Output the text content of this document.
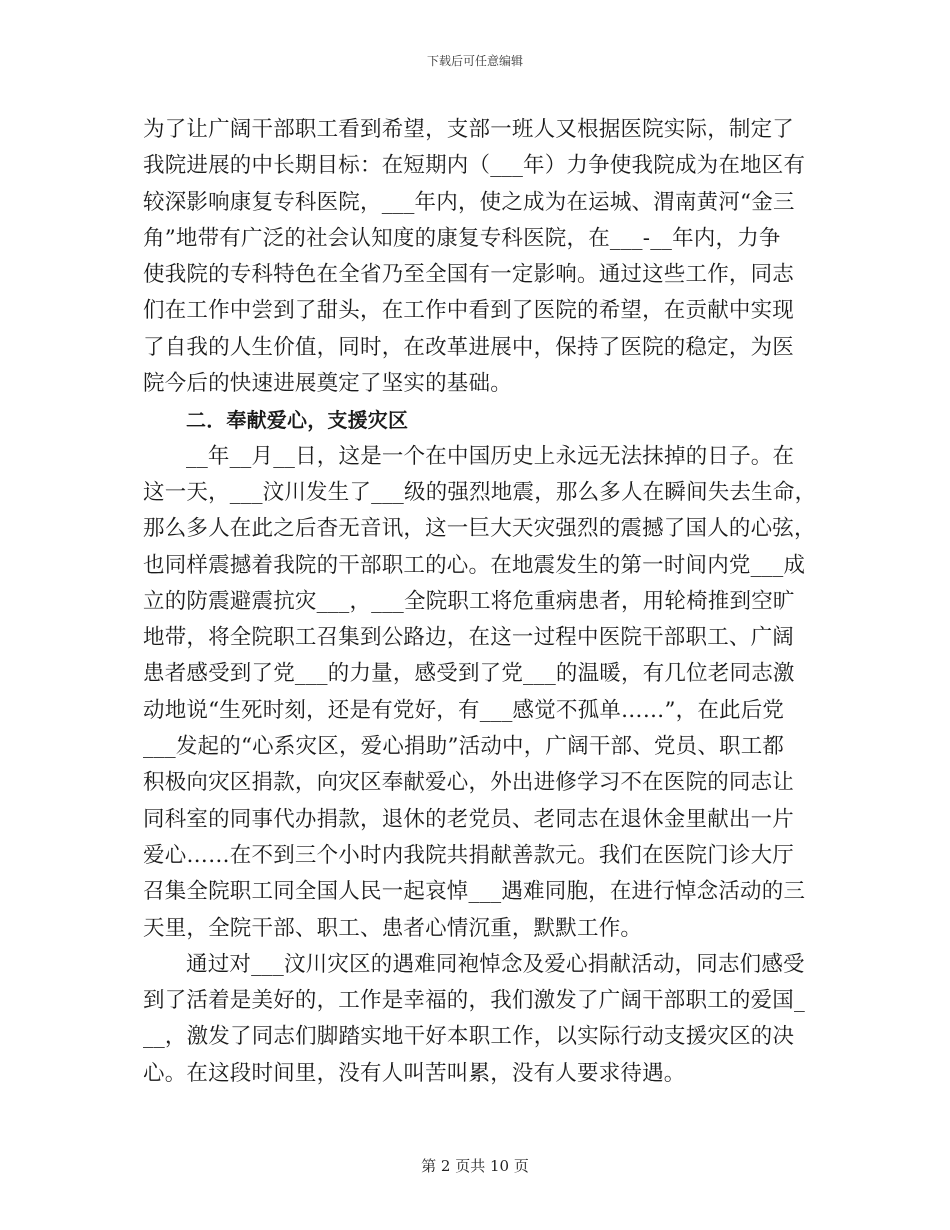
下载后可任意编辑
为了让广阔干部职工看到希望，支部一班人又根据医院实际，制定了
我院进展的中长期目标：在短期内（___年）力争使我院成为在地区有
较深影响康复专科医院，___年内，使之成为在运城、渭南黄河“金三
角”地带有广泛的社会认知度的康复专科医院，在___-__年内，力争
使我院的专科特色在全省乃至全国有一定影响。通过这些工作，同志
们在工作中尝到了甜头，在工作中看到了医院的希望，在贡献中实现
了自我的人生价值，同时，在改革进展中，保持了医院的稳定，为医
院今后的快速进展奠定了坚实的基础。
二．奉献爱心，支援灾区
__年__月__日，这是一个在中国历史上永远无法抹掉的日子。在
这一天，___汶川发生了___级的强烈地震，那么多人在瞬间失去生命，
那么多人在此之后杳无音讯，这一巨大天灾强烈的震撼了国人的心弦，
也同样震撼着我院的干部职工的心。在地震发生的第一时间内党___成
立的防震避震抗灾___，___全院职工将危重病患者，用轮椅推到空旷
地带，将全院职工召集到公路边，在这一过程中医院干部职工、广阔
患者感受到了党___的力量，感受到了党___的温暖，有几位老同志激
动地说“生死时刻，还是有党好，有___感觉不孤单……”，在此后党
___发起的“心系灾区，爱心捐助”活动中，广阔干部、党员、职工都
积极向灾区捐款，向灾区奉献爱心，外出进修学习不在医院的同志让
同科室的同事代办捐款，退休的老党员、老同志在退休金里献出一片
爱心……在不到三个小时内我院共捐献善款元。我们在医院门诊大厅
召集全院职工同全国人民一起哀悼___遇难同胞，在进行悼念活动的三
天里，全院干部、职工、患者心情沉重，默默工作。
通过对___汶川灾区的遇难同袍悼念及爱心捐献活动，同志们感受
到了活着是美好的，工作是幸福的，我们激发了广阔干部职工的爱国_
__，激发了同志们脚踏实地干好本职工作，以实际行动支援灾区的决
心。在这段时间里，没有人叫苦叫累，没有人要求待遇。
第 2 页共 10 页
